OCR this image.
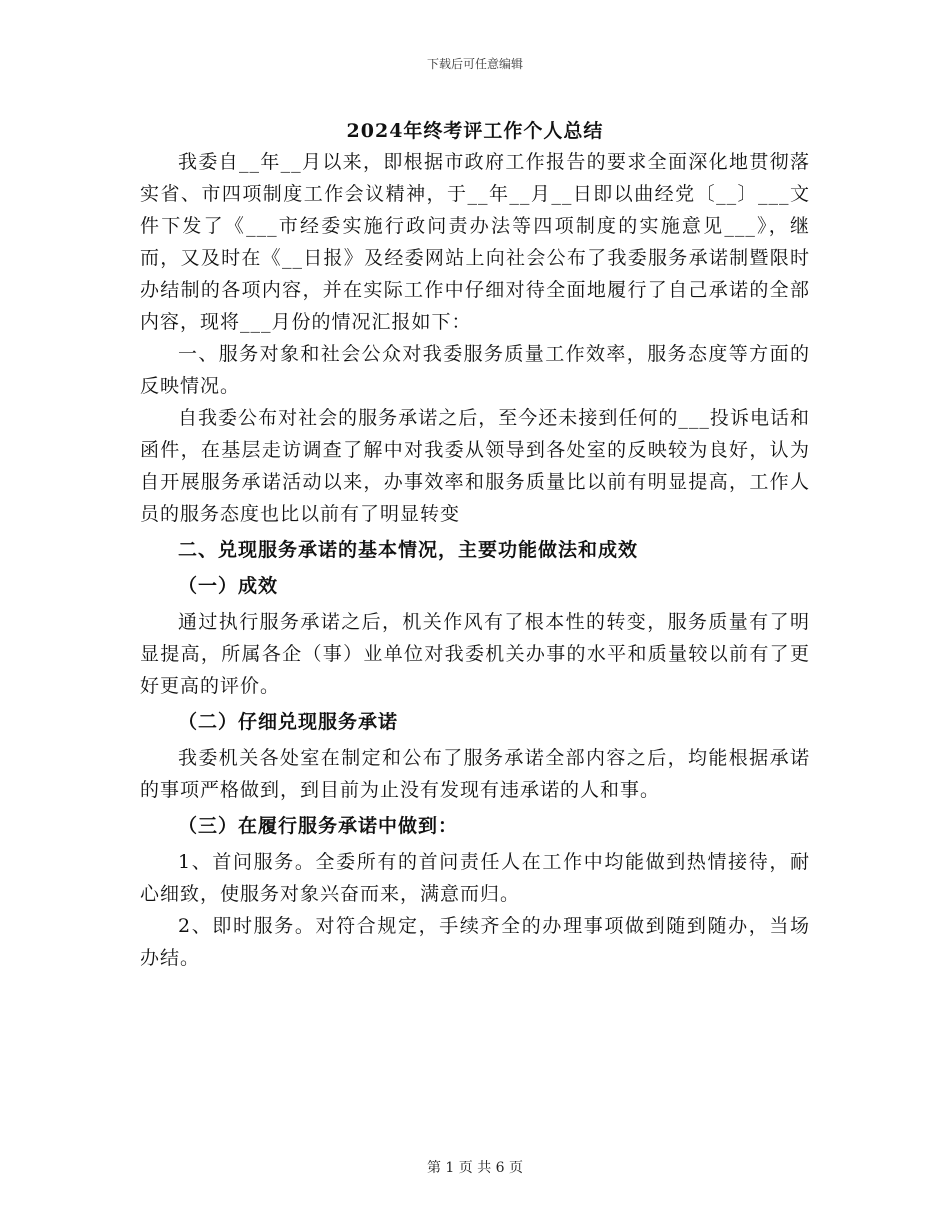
下载后可任意编辑
2024年终考评工作个人总结

我委自__年__月以来，即根据市政府工作报告的要求全面深化地贯彻落实省、市四项制度工作会议精神，于__年__月__日即以曲经党〔__〕___文件下发了《___市经委实施行政问责办法等四项制度的实施意见___》，继而，又及时在《__日报》及经委网站上向社会公布了我委服务承诺制暨限时办结制的各项内容，并在实际工作中仔细对待全面地履行了自己承诺的全部内容，现将___月份的情况汇报如下：

一、服务对象和社会公众对我委服务质量工作效率，服务态度等方面的反映情况。

自我委公布对社会的服务承诺之后，至今还未接到任何的___投诉电话和函件，在基层走访调查了解中对我委从领导到各处室的反映较为良好，认为自开展服务承诺活动以来，办事效率和服务质量比以前有明显提高，工作人员的服务态度也比以前有了明显转变

二、兑现服务承诺的基本情况，主要功能做法和成效

（一）成效

通过执行服务承诺之后，机关作风有了根本性的转变，服务质量有了明显提高，所属各企（事）业单位对我委机关办事的水平和质量较以前有了更好更高的评价。

（二）仔细兑现服务承诺

我委机关各处室在制定和公布了服务承诺全部内容之后，均能根据承诺的事项严格做到，到目前为止没有发现有违承诺的人和事。

（三）在履行服务承诺中做到：

1、首问服务。全委所有的首问责任人在工作中均能做到热情接待，耐心细致，使服务对象兴奋而来，满意而归。

2、即时服务。对符合规定，手续齐全的办理事项做到随到随办，当场办结。

第 1 页 共 6 页
